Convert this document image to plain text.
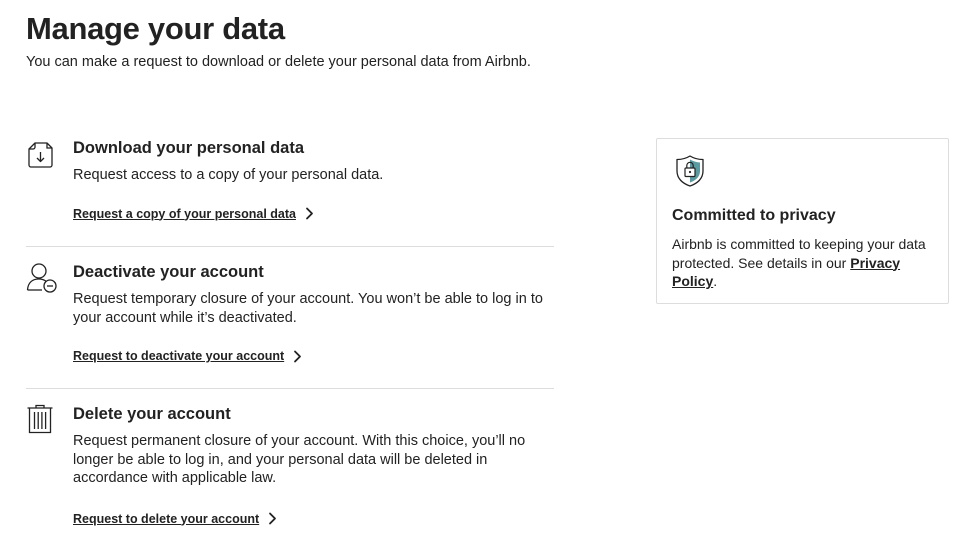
Manage your data

You can make a request to download or delete your personal data from Airbnb.

Download your personal data
Request access to a copy of your personal data.
Request a copy of your personal data
Deactivate your account
Request temporary closure of your account. You won’t be able to log in to your account while it’s deactivated.
Request to deactivate your account
Delete your account
Request permanent closure of your account. With this choice, you’ll no longer be able to log in, and your personal data will be deleted in accordance with applicable law.
Request to delete your account
Committed to privacy

Airbnb is committed to keeping your data protected. See details in our Privacy Policy.
